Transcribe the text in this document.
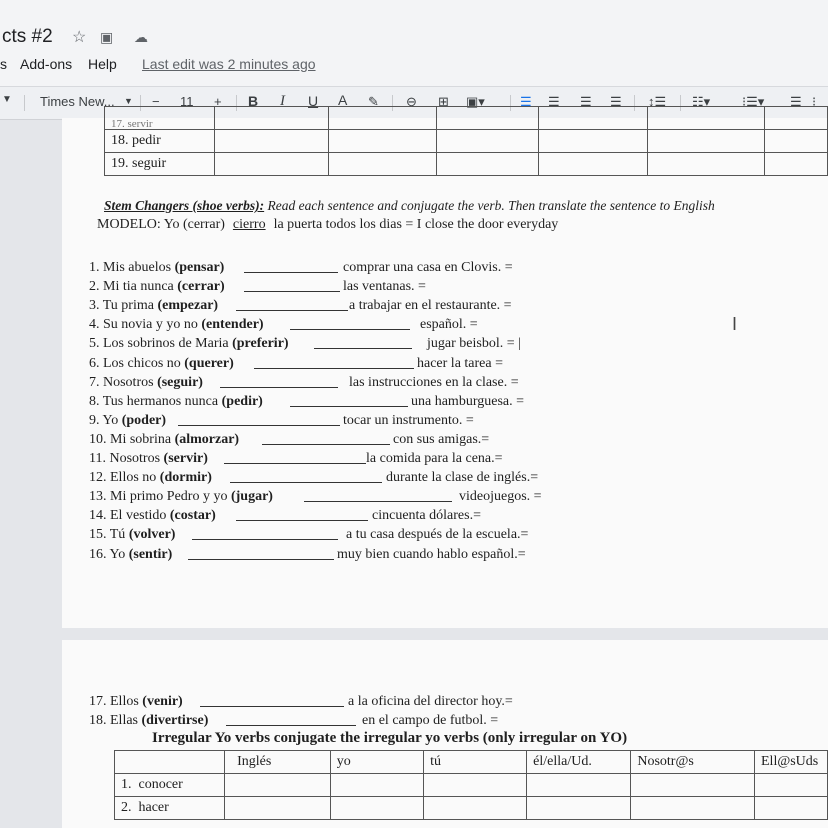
cts #2 ☆ ▣ ☁
s Add-ons Help Last edit was 2 minutes ago
▼ Times New... ▼ − 11 + B I U A ✎ ⊖ ⊞ ▣▾	☰ ☰ ☰ ☰ ↕☰ ☷▾ ⁝☰▾ ☰ ⁝
17. servir						
18. pedir						
19. seguir						
Stem Changers (shoe verbs): Read each sentence and conjugate the verb. Then translate the sentence to English
MODELO: Yo (cerrar) cierro la puerta todos los dias = I close the door everyday
I
1. Mis abuelos (pensar)	comprar una casa en Clovis. =
2. Mi tia nunca (cerrar)	las ventanas. =
3. Tu prima (empezar)	a trabajar en el restaurante. =
4. Su novia y yo no (entender)	español. =
5. Los sobrinos de Maria (preferir)	jugar beisbol. = |
6. Los chicos no (querer)	hacer la tarea =
7. Nosotros (seguir)	las instrucciones en la clase. =
8. Tus hermanos nunca (pedir)	una hamburguesa. =
9. Yo (poder)	tocar un instrumento. =
10. Mi sobrina (almorzar)	con sus amigas.=
11. Nosotros (servir)	la comida para la cena.=
12. Ellos no (dormir)	durante la clase de inglés.=
13. Mi primo Pedro y yo (jugar)	videojuegos. =
14. El vestido (costar)	cincuenta dólares.=
15. Tú (volver)	a tu casa después de la escuela.=
16. Yo (sentir)	muy bien cuando hablo español.=
17. Ellos (venir)	a la oficina del director hoy.=
18. Ellas (divertirse)	en el campo de futbol. =
Irregular Yo verbs conjugate the irregular yo verbs (only irregular on YO)
	Inglés	yo	tú	él/ella/Ud.	Nosotr@s	Ell@sUds
1. conocer						
2. hacer						
